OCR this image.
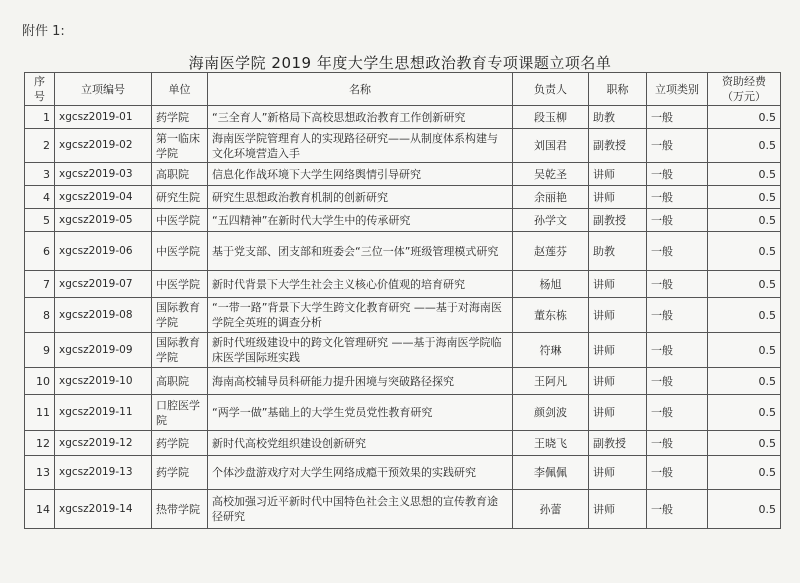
附件 1:
海南医学院 2019 年度大学生思想政治教育专项课题立项名单
序号	立项编号	单位	名称	负责人	职称	立项类别	资助经费（万元）
1	xgcsz2019-01	药学院	“三全育人”新格局下高校思想政治教育工作创新研究	段玉柳	助教	一般	0.5
2	xgcsz2019-02	第一临床学院	海南医学院管理育人的实现路径研究——从制度体系构建与文化环境营造入手	刘国君	副教授	一般	0.5
3	xgcsz2019-03	高职院	信息化作战环境下大学生网络舆情引导研究	吴乾圣	讲师	一般	0.5
4	xgcsz2019-04	研究生院	研究生思想政治教育机制的创新研究	余丽艳	讲师	一般	0.5
5	xgcsz2019-05	中医学院	“五四精神”在新时代大学生中的传承研究	孙学文	副教授	一般	0.5
6	xgcsz2019-06	中医学院	基于党支部、团支部和班委会“三位一体”班级管理模式研究	赵莲芬	助教	一般	0.5
7	xgcsz2019-07	中医学院	新时代背景下大学生社会主义核心价值观的培育研究	杨旭	讲师	一般	0.5
8	xgcsz2019-08	国际教育学院	“一带一路”背景下大学生跨文化教育研究 ——基于对海南医学院全英班的调查分析	董东栋	讲师	一般	0.5
9	xgcsz2019-09	国际教育学院	新时代班级建设中的跨文化管理研究 ——基于海南医学院临床医学国际班实践	符琳	讲师	一般	0.5
10	xgcsz2019-10	高职院	海南高校辅导员科研能力提升困境与突破路径探究	王阿凡	讲师	一般	0.5
11	xgcsz2019-11	口腔医学院	“两学一做”基础上的大学生党员党性教育研究	颜剑波	讲师	一般	0.5
12	xgcsz2019-12	药学院	新时代高校党组织建设创新研究	王晓飞	副教授	一般	0.5
13	xgcsz2019-13	药学院	个体沙盘游戏疗对大学生网络成瘾干预效果的实践研究	李佩佩	讲师	一般	0.5
14	xgcsz2019-14	热带学院	高校加强习近平新时代中国特色社会主义思想的宣传教育途径研究	孙蕾	讲师	一般	0.5
